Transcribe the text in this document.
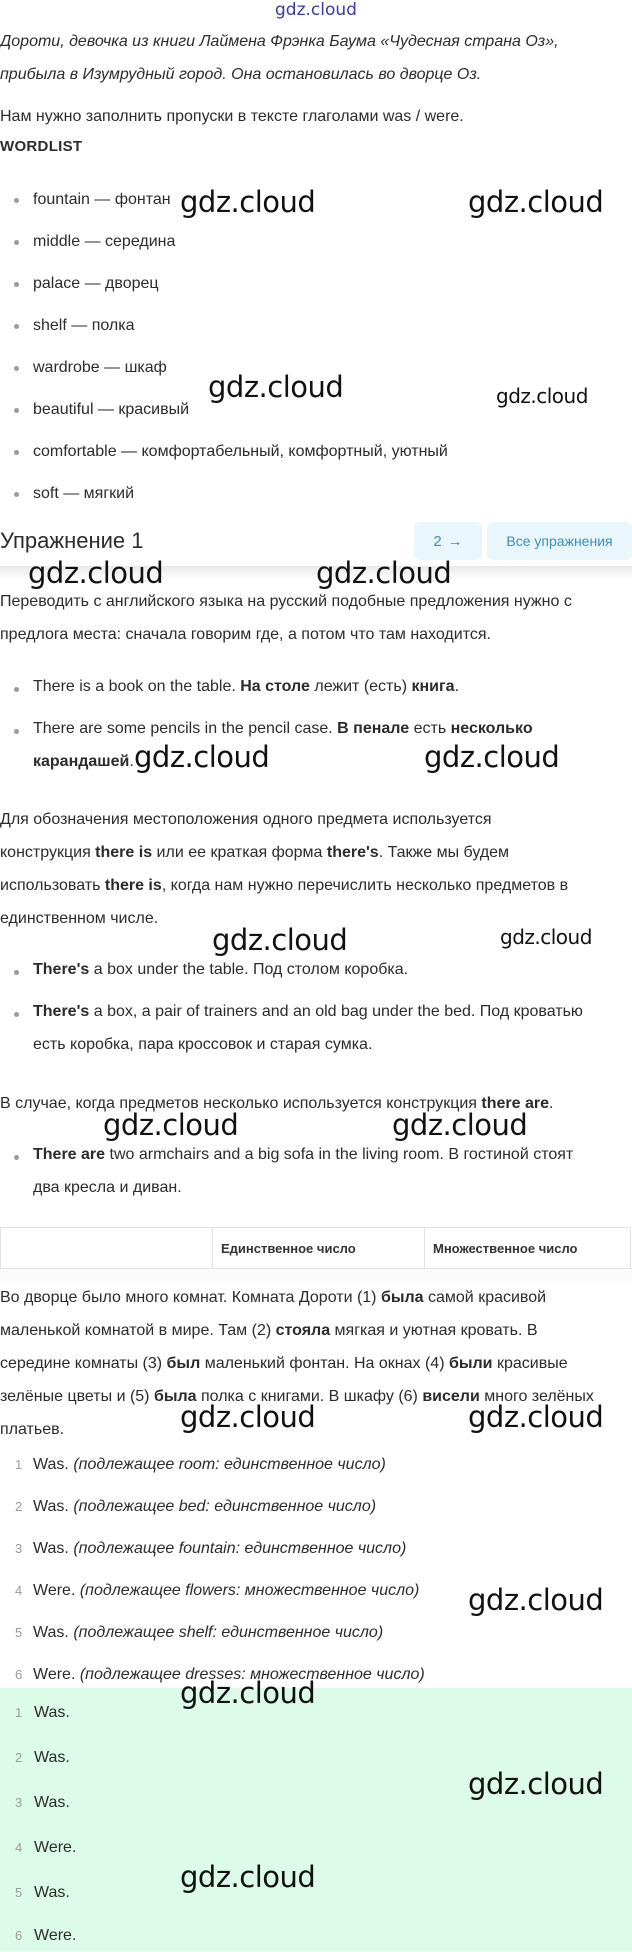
gdz.cloud
Дороти, девочка из книги Лаймена Фрэнка Баума «Чудесная страна Оз»,
прибыла в Изумрудный город. Она остановилась во дворце Оз.
Нам нужно заполнить пропуски в тексте глаголами was / were.
WORDLIST
fountain — фонтан
middle — середина
palace — дворец
shelf — полка
wardrobe — шкаф
beautiful — красивый
comfortable — комфортабельный, комфортный, уютный
soft — мягкий
Упражнение 1	2 →	Все упражнения
Переводить с английского языка на русский подобные предложения нужно с
предлога места: сначала говорим где, а потом что там находится.
There is a book on the table. На столе лежит (есть) книга.
There are some pencils in the pencil case. В пенале есть несколько
карандашей.
Для обозначения местоположения одного предмета используется
конструкция there is или ее краткая форма there's. Также мы будем
использовать there is, когда нам нужно перечислить несколько предметов в
единственном числе.
There's a box under the table. Под столом коробка.
There's a box, a pair of trainers and an old bag under the bed. Под кроватью
есть коробка, пара кроссовок и старая сумка.
В случае, когда предметов несколько используется конструкция there are.
There are two armchairs and a big sofa in the living room. В гостиной стоят
два кресла и диван.
	Единственное число	Множественное число
Во дворце было много комнат. Комната Дороти (1) была самой красивой
маленькой комнатой в мире. Там (2) стояла мягкая и уютная кровать. В
середине комнаты (3) был маленький фонтан. На окнах (4) были красивые
зелёные цветы и (5) была полка с книгами. В шкафу (6) висели много зелёных
платьев.
1 Was. (подлежащее room: единственное число)
2 Was. (подлежащее bed: единственное число)
3 Was. (подлежащее fountain: единственное число)
4 Were. (подлежащее flowers: множественное число)
5 Was. (подлежащее shelf: единственное число)
6 Were. (подлежащее dresses: множественное число)
1 Was.
2 Was.
3 Was.
4 Were.
5 Was.
6 Were.
gdz.cloud	gdz.cloud
gdz.cloud	gdz.cloud
gdz.cloud	gdz.cloud
gdz.cloud	gdz.cloud
gdz.cloud	gdz.cloud
gdz.cloud	gdz.cloud
gdz.cloud	gdz.cloud
gdz.cloud
gdz.cloud
gdz.cloud
gdz.cloud
